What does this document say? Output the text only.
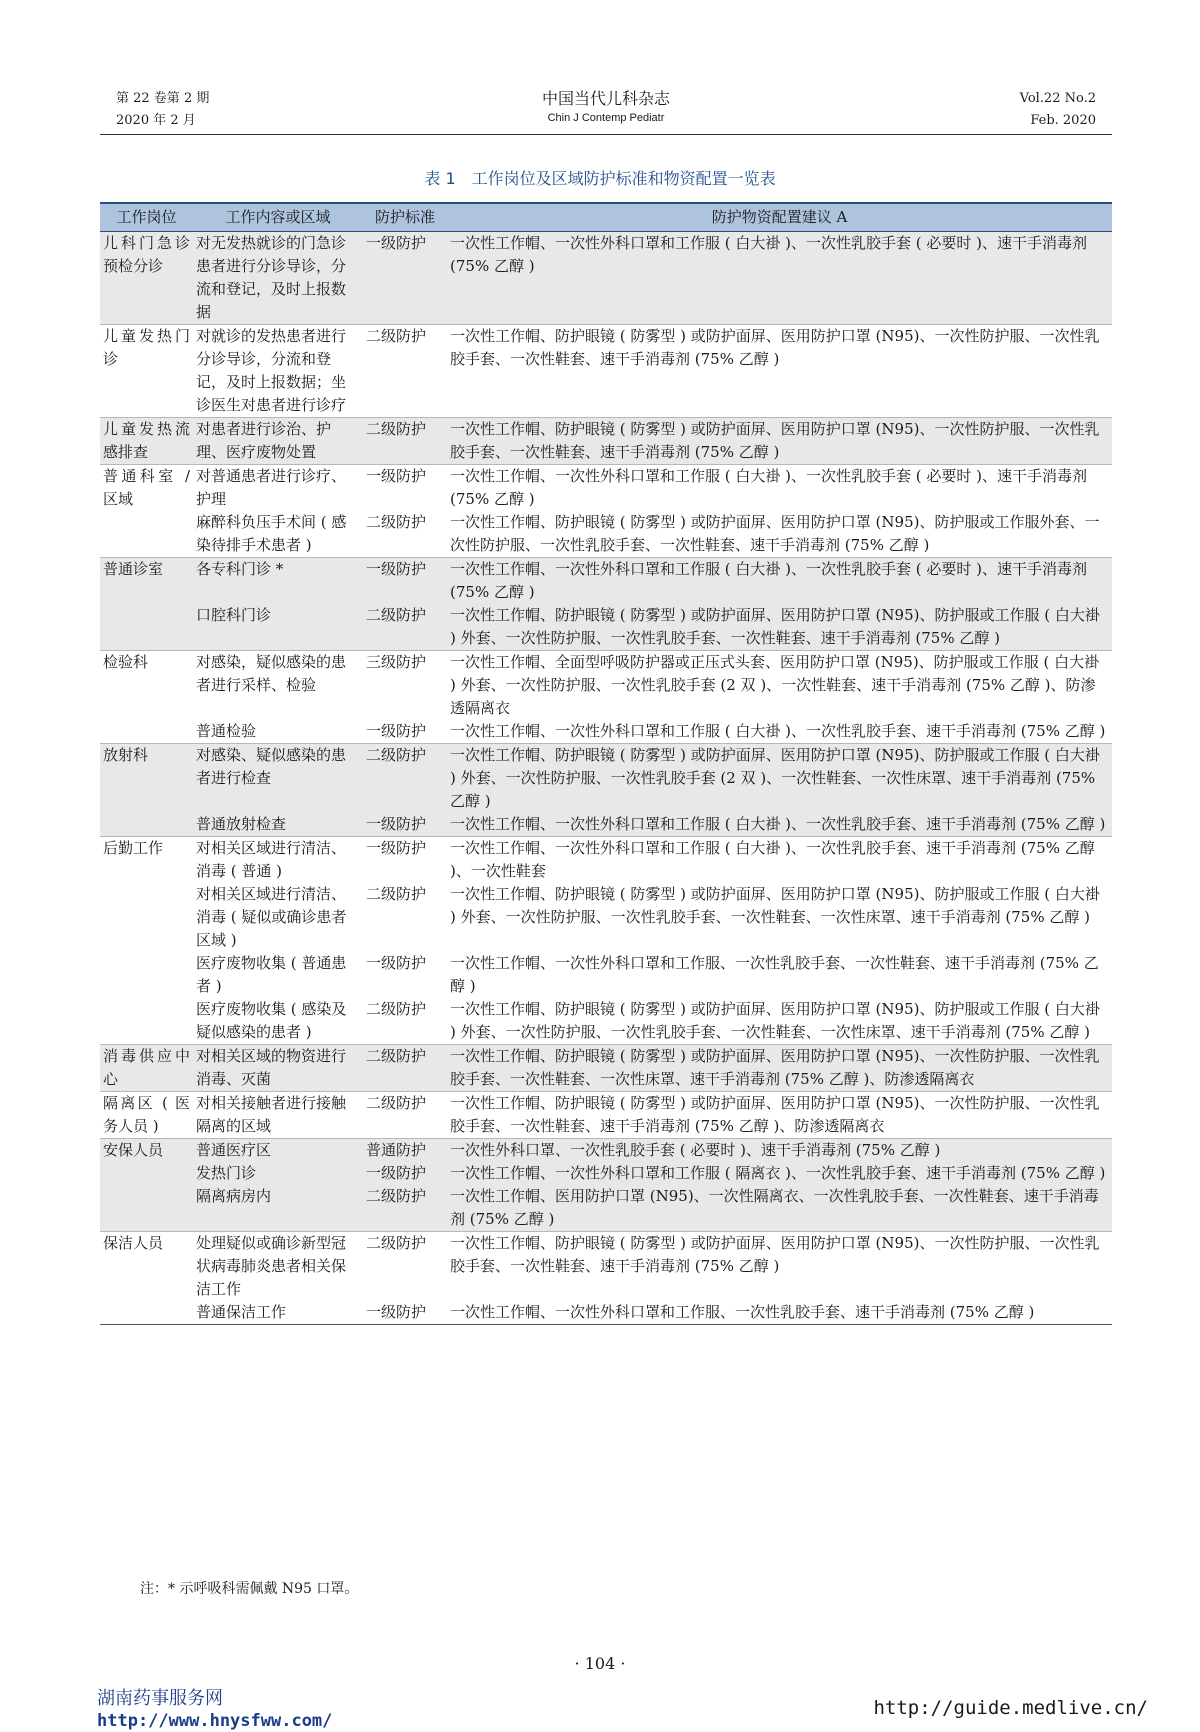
第 22 卷第 2 期
2020 年 2 月
中国当代儿科杂志
Chin J Contemp Pediatr
Vol.22 No.2
Feb. 2020
表 1　工作岗位及区域防护标准和物资配置一览表
工作岗位	工作内容或区域	防护标准	防护物资配置建议 A
儿科门急诊预检分诊	对无发热就诊的门急诊患者进行分诊导诊，分流和登记，及时上报数据	一级防护	一次性工作帽、一次性外科口罩和工作服 ( 白大褂 )、一次性乳胶手套 ( 必要时 )、速干手消毒剂 (75% 乙醇 )
儿童发热门诊	对就诊的发热患者进行分诊导诊，分流和登记，及时上报数据；坐诊医生对患者进行诊疗	二级防护	一次性工作帽、防护眼镜 ( 防雾型 ) 或防护面屏、医用防护口罩 (N95)、一次性防护服、一次性乳胶手套、一次性鞋套、速干手消毒剂 (75% 乙醇 )
儿童发热流感排查	对患者进行诊治、护理、医疗废物处置	二级防护	一次性工作帽、防护眼镜 ( 防雾型 ) 或防护面屏、医用防护口罩 (N95)、一次性防护服、一次性乳胶手套、一次性鞋套、速干手消毒剂 (75% 乙醇 )
普通科室 / 区域	对普通患者进行诊疗、护理	一级防护	一次性工作帽、一次性外科口罩和工作服 ( 白大褂 )、一次性乳胶手套 ( 必要时 )、速干手消毒剂 (75% 乙醇 )
	麻醉科负压手术间 ( 感染待排手术患者 )	二级防护	一次性工作帽、防护眼镜 ( 防雾型 ) 或防护面屏、医用防护口罩 (N95)、防护服或工作服外套、一次性防护服、一次性乳胶手套、一次性鞋套、速干手消毒剂 (75% 乙醇 )
普通诊室	各专科门诊 *	一级防护	一次性工作帽、一次性外科口罩和工作服 ( 白大褂 )、一次性乳胶手套 ( 必要时 )、速干手消毒剂 (75% 乙醇 )
	口腔科门诊	二级防护	一次性工作帽、防护眼镜 ( 防雾型 ) 或防护面屏、医用防护口罩 (N95)、防护服或工作服 ( 白大褂 ) 外套、一次性防护服、一次性乳胶手套、一次性鞋套、速干手消毒剂 (75% 乙醇 )
检验科	对感染，疑似感染的患者进行采样、检验	三级防护	一次性工作帽、全面型呼吸防护器或正压式头套、医用防护口罩 (N95)、防护服或工作服 ( 白大褂 ) 外套、一次性防护服、一次性乳胶手套 (2 双 )、一次性鞋套、速干手消毒剂 (75% 乙醇 )、防渗透隔离衣
	普通检验	一级防护	一次性工作帽、一次性外科口罩和工作服 ( 白大褂 )、一次性乳胶手套、速干手消毒剂 (75% 乙醇 )
放射科	对感染、疑似感染的患者进行检查	二级防护	一次性工作帽、防护眼镜 ( 防雾型 ) 或防护面屏、医用防护口罩 (N95)、防护服或工作服 ( 白大褂 ) 外套、一次性防护服、一次性乳胶手套 (2 双 )、一次性鞋套、一次性床罩、速干手消毒剂 (75% 乙醇 )
	普通放射检查	一级防护	一次性工作帽、一次性外科口罩和工作服 ( 白大褂 )、一次性乳胶手套、速干手消毒剂 (75% 乙醇 )
后勤工作	对相关区域进行清洁、消毒 ( 普通 )	一级防护	一次性工作帽、一次性外科口罩和工作服 ( 白大褂 )、一次性乳胶手套、速干手消毒剂 (75% 乙醇 )、一次性鞋套
	对相关区域进行清洁、消毒 ( 疑似或确诊患者区域 )	二级防护	一次性工作帽、防护眼镜 ( 防雾型 ) 或防护面屏、医用防护口罩 (N95)、防护服或工作服 ( 白大褂 ) 外套、一次性防护服、一次性乳胶手套、一次性鞋套、一次性床罩、速干手消毒剂 (75% 乙醇 )
	医疗废物收集 ( 普通患者 )	一级防护	一次性工作帽、一次性外科口罩和工作服、一次性乳胶手套、一次性鞋套、速干手消毒剂 (75% 乙醇 )
	医疗废物收集 ( 感染及疑似感染的患者 )	二级防护	一次性工作帽、防护眼镜 ( 防雾型 ) 或防护面屏、医用防护口罩 (N95)、防护服或工作服 ( 白大褂 ) 外套、一次性防护服、一次性乳胶手套、一次性鞋套、一次性床罩、速干手消毒剂 (75% 乙醇 )
消毒供应中心	对相关区域的物资进行消毒、灭菌	二级防护	一次性工作帽、防护眼镜 ( 防雾型 ) 或防护面屏、医用防护口罩 (N95)、一次性防护服、一次性乳胶手套、一次性鞋套、一次性床罩、速干手消毒剂 (75% 乙醇 )、防渗透隔离衣
隔离区 ( 医务人员 )	对相关接触者进行接触隔离的区域	二级防护	一次性工作帽、防护眼镜 ( 防雾型 ) 或防护面屏、医用防护口罩 (N95)、一次性防护服、一次性乳胶手套、一次性鞋套、速干手消毒剂 (75% 乙醇 )、防渗透隔离衣
安保人员	普通医疗区	普通防护	一次性外科口罩、一次性乳胶手套 ( 必要时 )、速干手消毒剂 (75% 乙醇 )
	发热门诊	一级防护	一次性工作帽、一次性外科口罩和工作服 ( 隔离衣 )、一次性乳胶手套、速干手消毒剂 (75% 乙醇 )
	隔离病房内	二级防护	一次性工作帽、医用防护口罩 (N95)、一次性隔离衣、一次性乳胶手套、一次性鞋套、速干手消毒剂 (75% 乙醇 )
保洁人员	处理疑似或确诊新型冠状病毒肺炎患者相关保洁工作	二级防护	一次性工作帽、防护眼镜 ( 防雾型 ) 或防护面屏、医用防护口罩 (N95)、一次性防护服、一次性乳胶手套、一次性鞋套、速干手消毒剂 (75% 乙醇 )
	普通保洁工作	一级防护	一次性工作帽、一次性外科口罩和工作服、一次性乳胶手套、速干手消毒剂 (75% 乙醇 )
注：* 示呼吸科需佩戴 N95 口罩。
· 104 ·
湖南药事服务网
http://www.hnysfww.com/
http://guide.medlive.cn/
